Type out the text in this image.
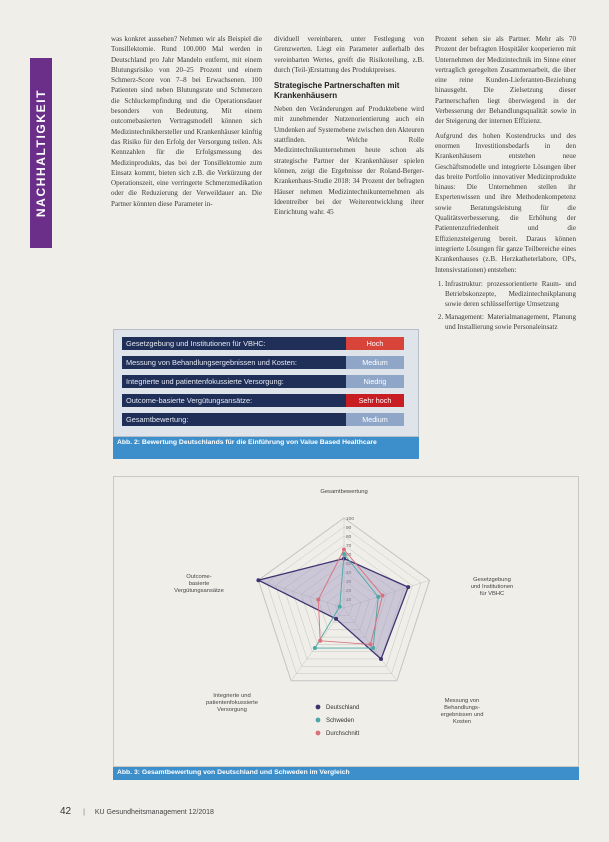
NACHHALTIGKEIT

was konkret aussehen? Nehmen wir als Beispiel die Tonsillektomie. Rund 100.000 Mal werden in Deutschland pro Jahr Mandeln entfernt, mit einem Blutungsrisiko von 20–25 Prozent und einem Schmerz-Score von 7–8 bei Erwachsenen. 100 Patienten sind neben Blutungsrate und Schmerzen die Schluckempfindung und die Operationsdauer besonders von Bedeutung. Mit einem outcomebasierten Vertragsmodell können sich Medizintechnikhersteller und Krankenhäuser künftig das Risiko für den Erfolg der Versorgung teilen. Als Kennzahlen für die Erfolgsmessung des Medizinprodukts, das bei der Tonsillektomie zum Einsatz kommt, bieten sich z.B. die Verkürzung der Operationszeit, eine verringerte Schmerzmedikation oder die Reduzierung der Verweildauer an. Die Partner könnten diese Parameter in-

dividuell vereinbaren, unter Festlegung von Grenzwerten. Liegt ein Parameter außerhalb des vereinbarten Wertes, greift die Risikoteilung, z.B. durch (Teil-)Erstattung des Produktpreises.

Strategische Partnerschaften mit Krankenhäusern

Neben den Veränderungen auf Produktebene wird mit zunehmender Nutzenorientierung auch ein Umdenken auf Systemebene zwischen den Akteuren stattfinden. Welche Rolle Medizintechnikunternehmen heute schon als strategische Partner der Krankenhäuser spielen können, zeigt die Ergebnisse der Roland-Berger-Krankenhaus-Studie 2018: 34 Prozent der befragten Häuser nehmen Medizintechnikunternehmen als Ideentreiber bei der Weiterentwicklung ihrer Einrichtung wahr. 45

Prozent sehen sie als Partner. Mehr als 70 Prozent der befragten Hospitäler kooperieren mit Unternehmen der Medizintechnik im Sinne einer vertraglich geregelten Zusammenarbeit, die über eine reine Kunden-Lieferanten-Beziehung hinausgeht. Die Zielsetzung dieser Partnerschaften liegt überwiegend in der Verbesserung der Behandlungsqualität sowie in der Steigerung der internen Effizienz.

Aufgrund des hohen Kostendrucks und des enormen Investitionsbedarfs in den Krankenhäusern entstehen neue Geschäftsmodelle und integrierte Lösungen über das breite Portfolio innovativer Medizinprodukte hinaus: Die Unternehmen stellen ihr Expertenwissen und ihre Methodenkompetenz sowie Beratungsleistung für die Qualitätsverbesserung, die Erhöhung der Patientenzufriedenheit und die Effizienzsteigerung bereit. Daraus können integrierte Lösungen für ganze Teilbereiche eines Krankenhauses (z.B. Herzkatheterlabore, OPs, Intensivstationen) entstehen:

1. Infrastruktur: prozessorientierte Raum- und Betriebskonzepte, Medizintechnikplanung sowie deren schlüsselfertige Umsetzung
2. Management: Materialmanagement, Planung und Installierung sowie Personaleinsatz
Gesetzgebung und Institutionen für VBHC:	Hoch
Messung von Behandlungsergebnissen und Kosten:	Medium
Integrierte und patientenfokussierte Versorgung:	Niedrig
Outcome-basierte Vergütungsansätze:	Sehr hoch
Gesamtbewertung:	Medium
Abb. 2: Bewertung Deutschlands für die Einführung von Value Based Healthcare
60
70
80
90
100
Gesamtbewertung
Gesetzgebung und Institutionen für VBHC
Messung von Behandlungs-ergebnissen und Kosten
Integrierte und patientenfokussierte Versorgung
Outcome-basierte Vergütungsansätze
Deutschland
Schweden
Durchschnitt
Abb. 3: Gesamtbewertung von Deutschland und Schweden im Vergleich
42 | KU Gesundheitsmanagement 12/2018
